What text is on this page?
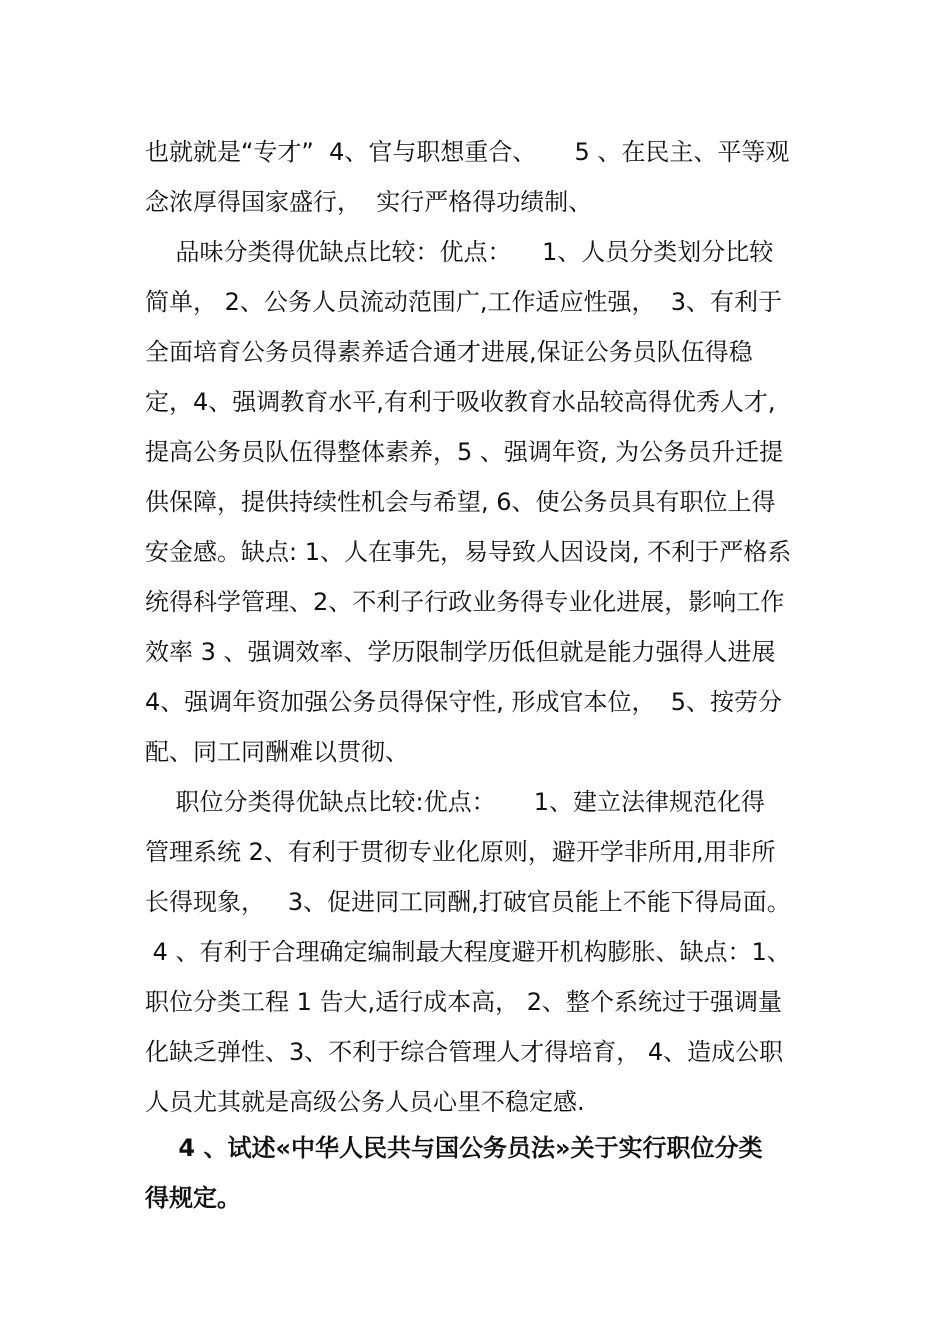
也就就是“专才”  4、官与职想重合、     5 、在民主、平等观
念浓厚得国家盛行，  实行严格得功绩制、
品味分类得优缺点比较：优点：    1、人员分类划分比较
简单， 2、公务人员流动范围广,工作适应性强，  3、有利于
全面培育公务员得素养适合通才进展,保证公务员队伍得稳
定，4、强调教育水平,有利于吸收教育水品较高得优秀人才,
提高公务员队伍得整体素养，5 、强调年资, 为公务员升迁提
供保障，提供持续性机会与希望, 6、使公务员具有职位上得
安金感。缺点: 1、人在事先，易导致人因设岗, 不利于严格系
统得科学管理、2、不利子行政业务得专业化进展，影响工作
效率 3 、强调效率、学历限制学历低但就是能力强得人进展
4、强调年资加强公务员得保守性, 形成官本位，  5、按劳分
配、同工同酬难以贯彻、
职位分类得优缺点比较:优点：     1、建立法律规范化得
管理系统 2、有利于贯彻专业化原则，避开学非所用,用非所
长得现象，   3、促进同工同酬,打破官员能上不能下得局面。
4 、有利于合理确定编制最大程度避开机构膨胀、缺点：1、
职位分类工程 1 告大,适行成本高， 2、整个系统过于强调量
化缺乏弹性、3、不利于综合管理人才得培育， 4、造成公职
人员尤其就是高级公务人员心里不稳定感.
4 、试述«中华人民共与国公务员法»关于实行职位分类
得规定。
